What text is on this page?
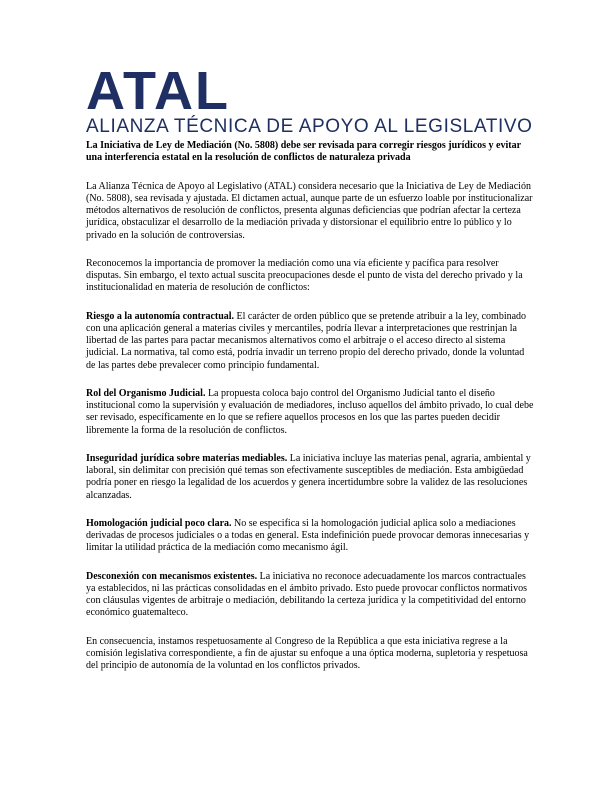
ATAL
ALIANZA TÉCNICA DE APOYO AL LEGISLATIVO
La Iniciativa de Ley de Mediación (No. 5808) debe ser revisada para corregir riesgos jurídicos y evitar una interferencia estatal en la resolución de conflictos de naturaleza privada

La Alianza Técnica de Apoyo al Legislativo (ATAL) considera necesario que la Iniciativa de Ley de Mediación (No. 5808), sea revisada y ajustada. El dictamen actual, aunque parte de un esfuerzo loable por institucionalizar métodos alternativos de resolución de conflictos, presenta algunas deficiencias que podrían afectar la certeza jurídica, obstaculizar el desarrollo de la mediación privada y distorsionar el equilibrio entre lo público y lo privado en la solución de controversias.

Reconocemos la importancia de promover la mediación como una vía eficiente y pacífica para resolver disputas. Sin embargo, el texto actual suscita preocupaciones desde el punto de vista del derecho privado y la institucionalidad en materia de resolución de conflictos:

Riesgo a la autonomía contractual. El carácter de orden público que se pretende atribuir a la ley, combinado con una aplicación general a materias civiles y mercantiles, podría llevar a interpretaciones que restrinjan la libertad de las partes para pactar mecanismos alternativos como el arbitraje o el acceso directo al sistema judicial. La normativa, tal como está, podría invadir un terreno propio del derecho privado, donde la voluntad de las partes debe prevalecer como principio fundamental.

Rol del Organismo Judicial. La propuesta coloca bajo control del Organismo Judicial tanto el diseño institucional como la supervisión y evaluación de mediadores, incluso aquellos del ámbito privado, lo cual debe ser revisado, específicamente en lo que se refiere aquellos procesos en los que las partes pueden decidir libremente la forma de la resolución de conflictos.

Inseguridad jurídica sobre materias mediables. La iniciativa incluye las materias penal, agraria, ambiental y laboral, sin delimitar con precisión qué temas son efectivamente susceptibles de mediación. Esta ambigüedad podría poner en riesgo la legalidad de los acuerdos y genera incertidumbre sobre la validez de las resoluciones alcanzadas.

Homologación judicial poco clara. No se especifica si la homologación judicial aplica solo a mediaciones derivadas de procesos judiciales o a todas en general. Esta indefinición puede provocar demoras innecesarias y limitar la utilidad práctica de la mediación como mecanismo ágil.

Desconexión con mecanismos existentes. La iniciativa no reconoce adecuadamente los marcos contractuales ya establecidos, ni las prácticas consolidadas en el ámbito privado. Esto puede provocar conflictos normativos con cláusulas vigentes de arbitraje o mediación, debilitando la certeza jurídica y la competitividad del entorno económico guatemalteco.

En consecuencia, instamos respetuosamente al Congreso de la República a que esta iniciativa regrese a la comisión legislativa correspondiente, a fin de ajustar su enfoque a una óptica moderna, supletoria y respetuosa del principio de autonomía de la voluntad en los conflictos privados.
